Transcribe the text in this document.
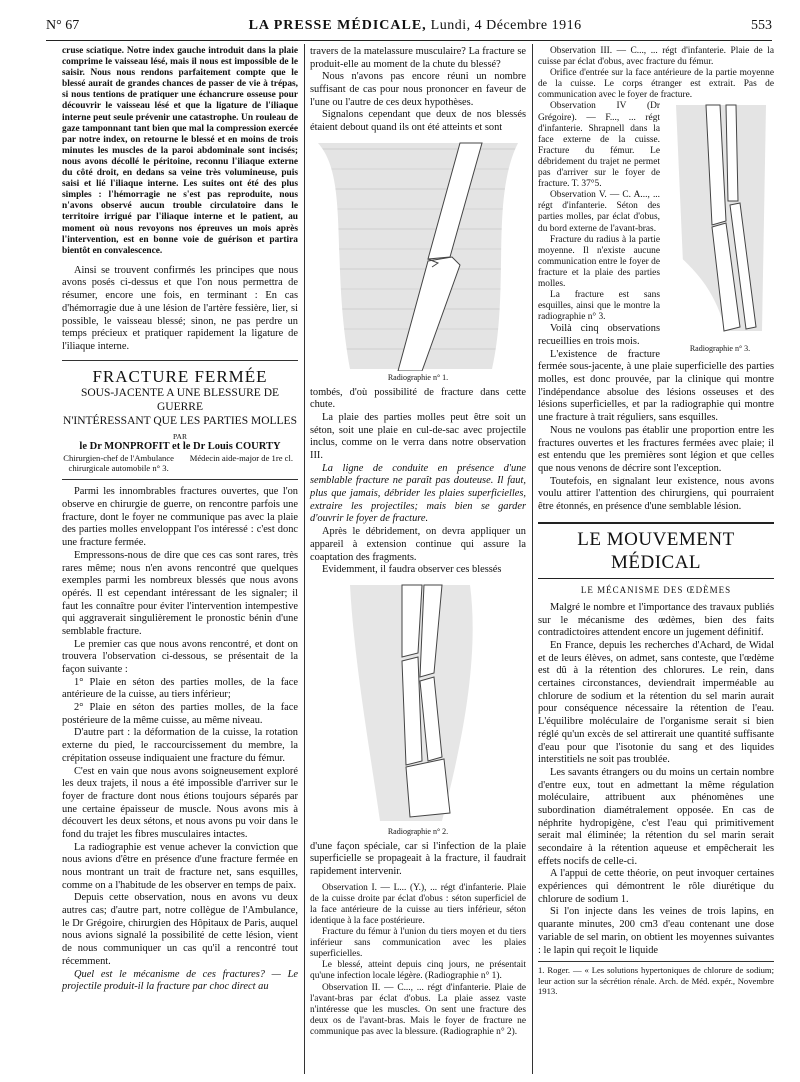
N° 67	LA PRESSE MÉDICALE, Lundi, 4 Décembre 1916	553

cruse sciatique. Notre index gauche introduit dans la plaie comprime le vaisseau lésé, mais il nous est impossible de le saisir. Nous nous rendons parfaitement compte que le blessé aurait de grandes chances de passer de vie à trépas, si nous tentions de pratiquer une échancrure osseuse pour découvrir le vaisseau lésé et que la ligature de l'iliaque interne peut seule prévenir une catastrophe. Un rouleau de gaze tamponnant tant bien que mal la compression exercée par notre index, on retourne le blessé et en moins de trois minutes les muscles de la paroi abdominale sont incisés; nous avons décollé le péritoine, reconnu l'iliaque externe du côté droit, en dedans sa veine très volumineuse, puis saisi et lié l'iliaque interne. Les suites ont été des plus simples : l'hémorragie ne s'est pas reproduite, nous n'avons observé aucun trouble circulatoire dans le territoire irrigué par l'iliaque interne et le patient, au moment où nous revoyons nos épreuves un mois après l'intervention, est en bonne voie de guérison et partira bientôt en convalescence.

Ainsi se trouvent confirmés les principes que nous avons posés ci-dessus et que l'on nous permettra de résumer, encore une fois, en terminant : En cas d'hémorragie due à une lésion de l'artère fessière, lier, si possible, le vaisseau blessé; sinon, ne pas perdre un temps précieux et pratiquer rapidement la ligature de l'iliaque interne.

FRACTURE FERMÉE
SOUS-JACENTE A UNE BLESSURE DE GUERRE
N'INTÉRESSANT QUE LES PARTIES MOLLES
PAR
le Dr MONPROFIT et le Dr Louis COURTY
Chirurgien-chef de l'Ambulance chirurgicale automobile n° 3.
Médecin aide-major de 1re cl.

Parmi les innombrables fractures ouvertes, que l'on observe en chirurgie de guerre, on rencontre parfois une fracture, dont le foyer ne communique pas avec la plaie des parties molles enveloppant l'os intéressé : c'est donc une fracture fermée.

Empressons-nous de dire que ces cas sont rares, très rares même; nous n'en avons rencontré que quelques exemples parmi les nombreux blessés que nous avons opérés. Il est cependant intéressant de les signaler; il faut les connaître pour éviter l'intervention intempestive qui aggraverait singulièrement le pronostic bénin d'une semblable fracture.

Le premier cas que nous avons rencontré, et dont on trouvera l'observation ci-dessous, se présentait de la façon suivante :

1° Plaie en séton des parties molles, de la face antérieure de la cuisse, au tiers inférieur;

2° Plaie en séton des parties molles, de la face postérieure de la même cuisse, au même niveau.

D'autre part : la déformation de la cuisse, la rotation externe du pied, le raccourcissement du membre, la crépitation osseuse indiquaient une fracture du fémur.

C'est en vain que nous avons soigneusement exploré les deux trajets, il nous a été impossible d'arriver sur le foyer de fracture dont nous étions toujours séparés par une certaine épaisseur de muscle. Nous avons mis à découvert les deux sétons, et nous avons pu voir dans le fond du trajet les fibres musculaires intactes.

La radiographie est venue achever la conviction que nous avions d'être en présence d'une fracture fermée en nous montrant un trait de fracture net, sans esquilles, comme on a l'habitude de les observer en temps de paix.

Depuis cette observation, nous en avons vu deux autres cas; d'autre part, notre collègue de l'Ambulance, le Dr Grégoire, chirurgien des Hôpitaux de Paris, auquel nous avions signalé la possibilité de cette lésion, vient de nous communiquer un cas qu'il a rencontré tout récemment.

Quel est le mécanisme de ces fractures? — Le projectile produit-il la fracture par choc direct au

travers de la matelassure musculaire? La fracture se produit-elle au moment de la chute du blessé?

Nous n'avons pas encore réuni un nombre suffisant de cas pour nous prononcer en faveur de l'une ou l'autre de ces deux hypothèses.

Signalons cependant que deux de nos blessés étaient debout quand ils ont été atteints et sont

Radiographie n° 1.

tombés, d'où possibilité de fracture dans cette chute.

La plaie des parties molles peut être soit un séton, soit une plaie en cul-de-sac avec projectile inclus, comme on le verra dans notre observation III.

La ligne de conduite en présence d'une semblable fracture ne paraît pas douteuse. Il faut, plus que jamais, débrider les plaies superficielles, extraire les projectiles; mais bien se garder d'ouvrir le foyer de fracture.

Après le débridement, on devra appliquer un appareil à extension continue qui assure la coaptation des fragments.

Evidemment, il faudra observer ces blessés

Radiographie n° 2.

d'une façon spéciale, car si l'infection de la plaie superficielle se propageait à la fracture, il faudrait rapidement intervenir.

Observation I. — L... (Y.), ... régt d'infanterie. Plaie de la cuisse droite par éclat d'obus : séton superficiel de la face antérieure de la cuisse au tiers inférieur, séton identique à la face postérieure.

Fracture du fémur à l'union du tiers moyen et du tiers inférieur sans communication avec les plaies superficielles.

Le blessé, atteint depuis cinq jours, ne présentait qu'une infection locale légère. (Radiographie n° 1).

Observation II. — C..., ... régt d'infanterie. Plaie de l'avant-bras par éclat d'obus. La plaie assez vaste n'intéresse que les muscles. On sent une fracture des deux os de l'avant-bras. Mais le foyer de fracture ne communique pas avec la blessure. (Radiographie n° 2).

Observation III. — C..., ... régt d'infanterie. Plaie de la cuisse par éclat d'obus, avec fracture du fémur.

Orifice d'entrée sur la face antérieure de la partie moyenne de la cuisse. Le corps étranger est extrait. Pas de communication avec le foyer de fracture.

Radiographie n° 3.

Observation IV (Dr Grégoire). — F..., ... régt d'infanterie. Shrapnell dans la face externe de la cuisse. Fracture du fémur. Le débridement du trajet ne permet pas d'arriver sur le foyer de fracture. T. 37°5.

Observation V. — C. A..., ... régt d'infanterie. Séton des parties molles, par éclat d'obus, du bord externe de l'avant-bras.

Fracture du radius à la partie moyenne. Il n'existe aucune communication entre le foyer de fracture et la plaie des parties molles.

La fracture est sans esquilles, ainsi que le montre la radiographie n° 3.

Voilà cinq observations recueillies en trois mois.

L'existence de fracture fermée sous-jacente, à une plaie superficielle des parties molles, est donc prouvée, par la clinique qui montre l'indépendance absolue des lésions osseuses et des lésions superficielles, et par la radiographie qui montre une fracture à trait réguliers, sans esquilles.

Nous ne voulons pas établir une proportion entre les fractures ouvertes et les fractures fermées avec plaie; il est entendu que les premières sont légion et que celles que nous venons de décrire sont l'exception.

Toutefois, en signalant leur existence, nous avons voulu attirer l'attention des chirurgiens, qui pourraient être étonnés, en présence d'une semblable lésion.

LE MOUVEMENT MÉDICAL
LE MÉCANISME DES ŒDÈMES

Malgré le nombre et l'importance des travaux publiés sur le mécanisme des œdèmes, bien des faits contradictoires attendent encore un jugement définitif.

En France, depuis les recherches d'Achard, de Widal et de leurs élèves, on admet, sans conteste, que l'œdème est dû à la rétention des chlorures. Le rein, dans certaines circonstances, deviendrait imperméable au chlorure de sodium et la rétention du sel marin aurait pour conséquence nécessaire la rétention de l'eau. L'équilibre moléculaire de l'organisme serait si bien réglé qu'un excès de sel attirerait une quantité suffisante d'eau pour que l'isotonie du sang et des liquides interstitiels ne soit pas troublée.

Les savants étrangers ou du moins un certain nombre d'entre eux, tout en admettant la même régulation moléculaire, attribuent aux phénomènes une subordination diamétralement opposée. En cas de néphrite hydropigène, c'est l'eau qui primitivement serait mal éliminée; la rétention du sel marin serait secondaire à la rétention aqueuse et empêcherait les effets nocifs de celle-ci.

A l'appui de cette théorie, on peut invoquer certaines expériences qui démontrent le rôle diurétique du chlorure de sodium 1.

Si l'on injecte dans les veines de trois lapins, en quarante minutes, 200 cm3 d'eau contenant une dose variable de sel marin, on obtient les moyennes suivantes : le lapin qui reçoit le liquide

1. Roger. — « Les solutions hypertoniques de chlorure de sodium; leur action sur la sécrétion rénale. Arch. de Méd. expér., Novembre 1913.
